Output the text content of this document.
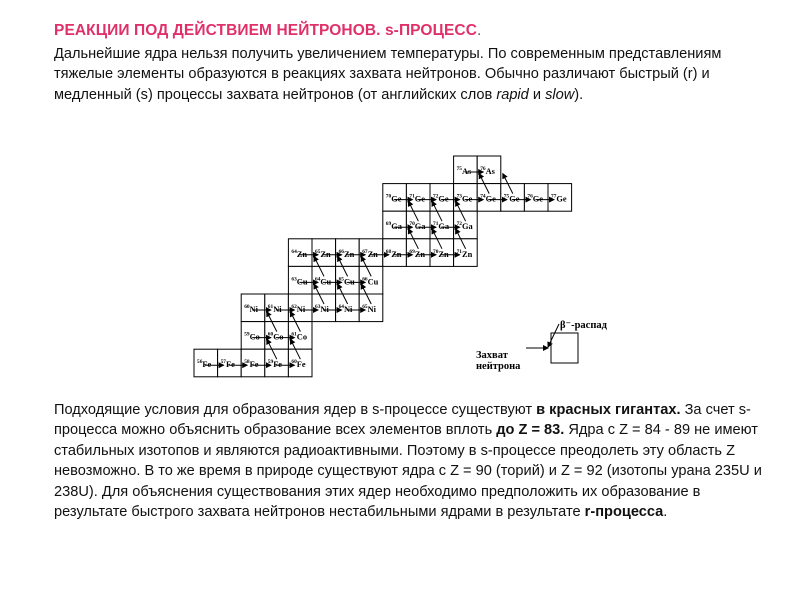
РЕАКЦИИ ПОД ДЕЙСТВИЕМ НЕЙТРОНОВ. s-ПРОЦЕСС.
Дальнейшие ядра нельзя получить увеличением температуры. По современным представлениям тяжелые элементы образуются в реакциях захвата нейтронов. Обычно различают быстрый (r) и медленный (s) процессы захвата нейтронов (от английских слов rapid и slow).
$^{75}$As $^{76}$As
$^{70}$Ge $^{71}$Ge $^{72}$Ge $^{73}$Ge $^{74}$Ge $^{75}$Ge $^{76}$Ge $^{77}$Ge
$^{69}$Ga $^{70}$Ga $^{71}$Ga $^{72}$Ga
$^{64}$Zn $^{65}$Zn $^{66}$Zn $^{67}$Zn $^{68}$Zn $^{69}$Zn $^{70}$Zn $^{71}$Zn
$^{63}$Cu $^{64}$Cu $^{65}$Cu $^{66}$Cu
$^{60}$Ni $^{61}$Ni $^{62}$Ni $^{63}$Ni $^{64}$Ni $^{65}$Ni
$^{59}$Co $^{60}$Co $^{61}$Co
$^{56}$Fe $^{57}$Fe $^{58}$Fe $^{59}$Fe $^{60}$Fe
β⁻-распад
Захват
нейтрона
Подходящие условия для образования ядер в s-процессе существуют в красных гигантах. За счет s-процесса можно объяснить образование всех элементов вплоть до Z = 83. Ядра с Z = 84 - 89 не имеют стабильных изотопов и являются радиоактивными. Поэтому в s-процессе преодолеть эту область Z невозможно. В то же время в природе существуют ядра с Z = 90 (торий) и Z = 92 (изотопы урана 235U и 238U). Для объяснения существования этих ядер необходимо предположить их образование в результате быстрого захвата нейтронов нестабильными ядрами в результате r-процесса.
